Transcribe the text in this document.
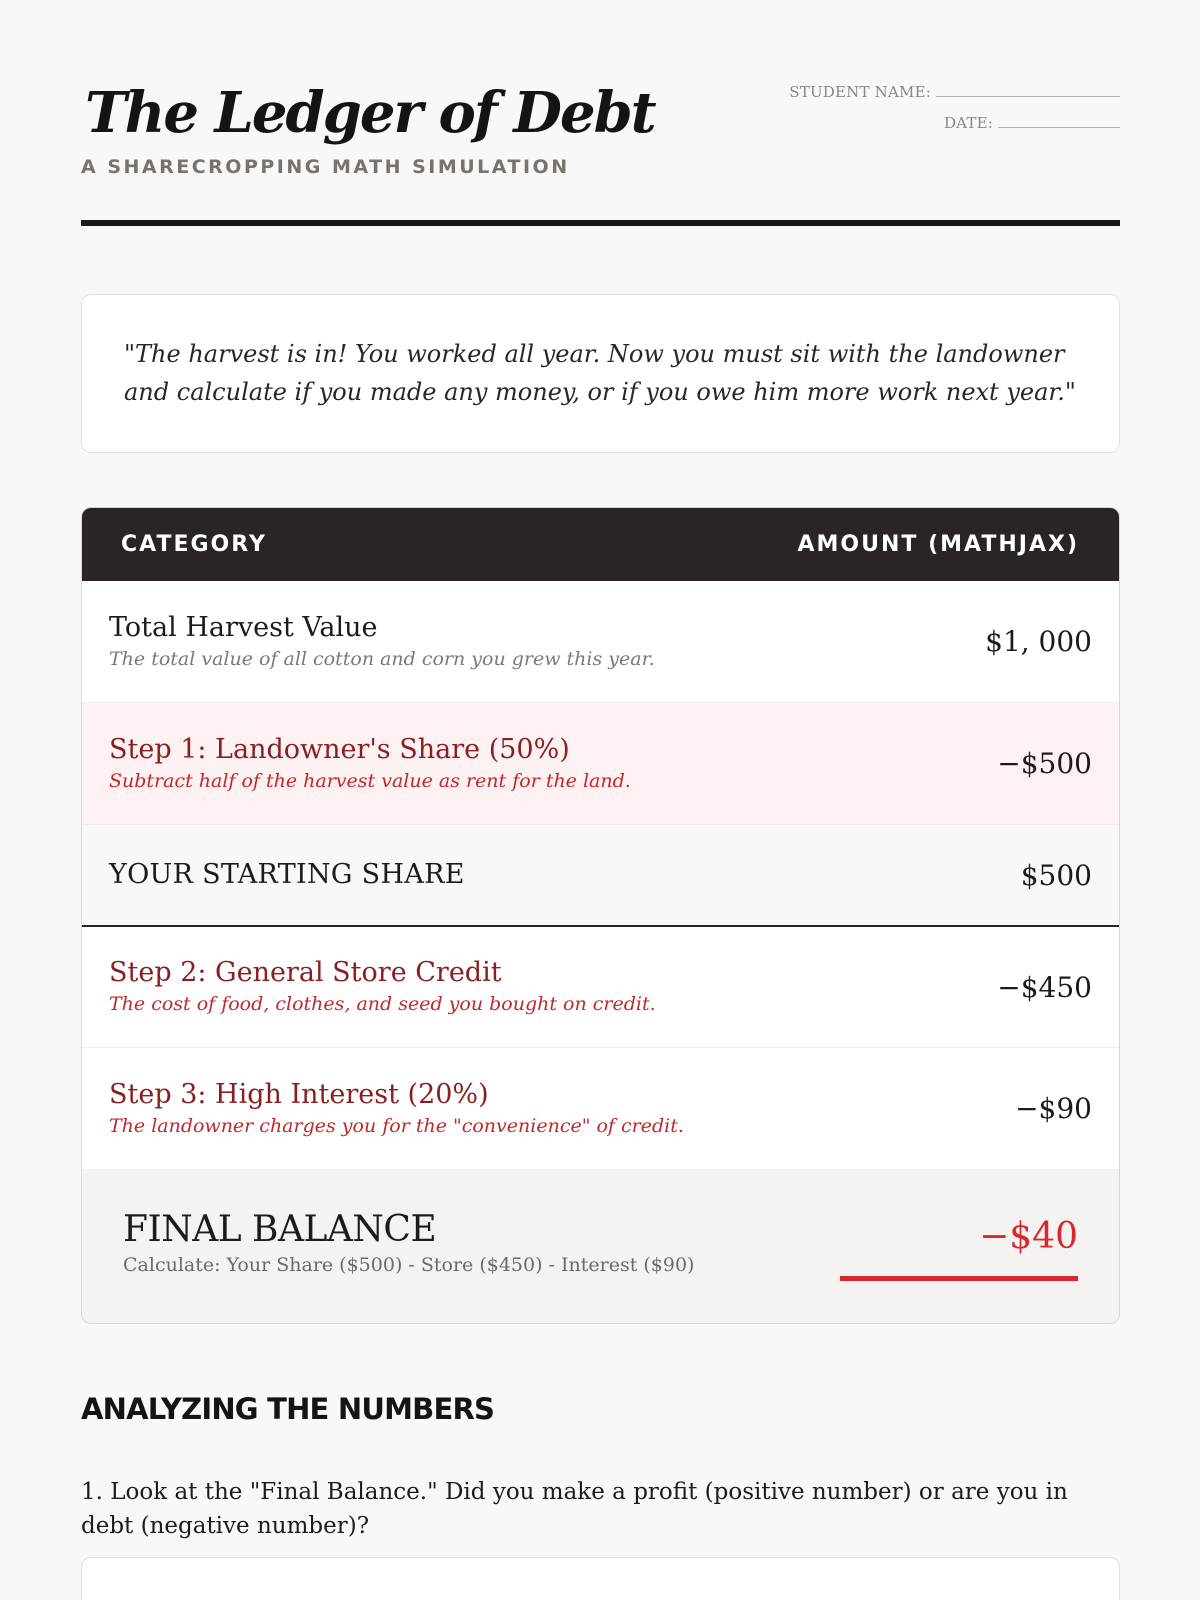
The Ledger of Debt
A SHARECROPPING MATH SIMULATION
STUDENT NAME:
DATE:
"The harvest is in! You worked all year. Now you must sit with the landowner and calculate if you made any money, or if you owe him more work next year."
CATEGORY	AMOUNT (MATHJAX)
Total Harvest Value
The total value of all cotton and corn you grew this year.
$1, 000
Step 1: Landowner's Share (50%)
Subtract half of the harvest value as rent for the land.
−$500
YOUR STARTING SHARE	$500
Step 2: General Store Credit
The cost of food, clothes, and seed you bought on credit.
−$450
Step 3: High Interest (20%)
The landowner charges you for the "convenience" of credit.
−$90
FINAL BALANCE
Calculate: Your Share ($500) - Store ($450) - Interest ($90)
−$40
ANALYZING THE NUMBERS
1. Look at the "Final Balance." Did you make a profit (positive number) or are you in debt (negative number)?
